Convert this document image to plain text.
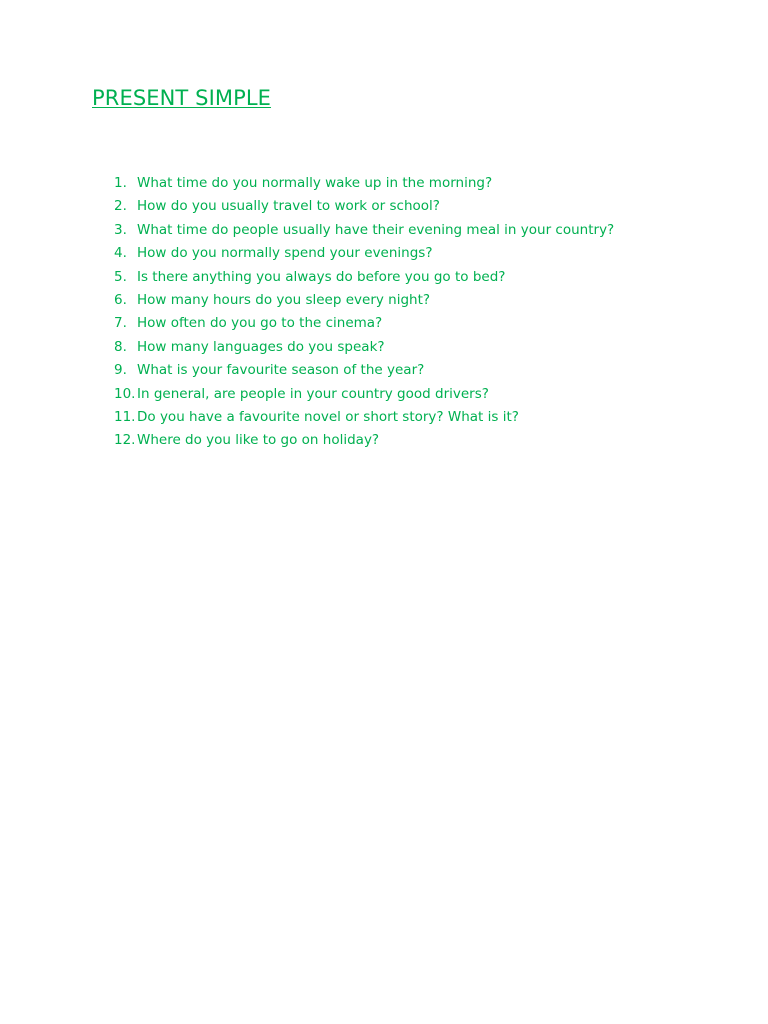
PRESENT SIMPLE
1. What time do you normally wake up in the morning?
2. How do you usually travel to work or school?
3. What time do people usually have their evening meal in your country?
4. How do you normally spend your evenings?
5. Is there anything you always do before you go to bed?
6. How many hours do you sleep every night?
7. How often do you go to the cinema?
8. How many languages do you speak?
9. What is your favourite season of the year?
10. In general, are people in your country good drivers?
11. Do you have a favourite novel or short story? What is it?
12. Where do you like to go on holiday?
